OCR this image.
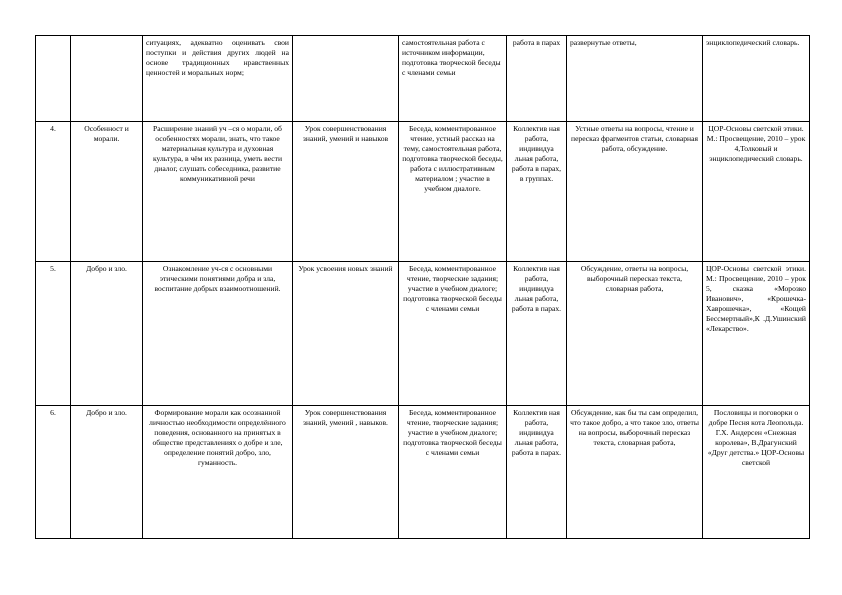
		ситуациях, адекватно оценивать свои поступки и действия других людей на основе традиционных нравственных ценностей и моральных норм;		самостоятельная работа с источником информации, подготовка творческой беседы с членами семьи	работа в парах	развернутые ответы,	энциклопедический словарь.
4.	Особенност и морали.	Расширение знаний уч –ся о морали, об особенностях морали, знать, что такое материальная культура и духовная культура, в чём их разница, уметь вести диалог, слушать собеседника, развитие коммуникативной речи	Урок совершенствования знаний, умений и навыков	Беседа, комментированное чтение, устный рассказ на тему, самостоятельная работа, подготовка творческой беседы, работа с иллюстративным материалом ; участие в учебном диалоге.	Коллектив ная работа, индивидуа льная работа, работа в парах, в группах.	Устные ответы на вопросы, чтение и пересказ фрагментов статьи, словарная работа, обсуждение.	ЦОР-Основы светской этики. М.: Просвещение, 2010 – урок 4,Толковый и энциклопедический словарь.
5.	Добро и зло.	Ознакомление уч-ся с основными этическими понятиями добра и зла, воспитание добрых взаимоотношений.	Урок усвоения новых знаний	Беседа, комментированное чтение, творческие задания; участие в учебном диалоге; подготовка творческой беседы с членами семьи	Коллектив ная работа, индивидуа льная работа, работа в парах.	Обсуждение, ответы на вопросы, выборочный пересказ текста, словарная работа,	ЦОР-Основы светской этики. М.: Просвещение, 2010 – урок 5, сказка «Морозко Иванович», «Крошечка-Хаврошечка», «Кощей Бессмертный»,К .Д.Ушинский «Лекарство».
6.	Добро и зло.	Формирование морали как осознанной личностью необходимости определённого поведения, основанного на принятых в обществе представлениях о добре и зле, определение понятий добро, зло, гуманность.	Урок совершенствования знаний, умений , навыков.	Беседа, комментированное чтение, творческие задания; участие в учебном диалоге; подготовка творческой беседы с членами семьи	Коллектив ная работа, индивидуа льная работа, работа в парах.	Обсуждение, как бы ты сам определил, что такое добро, а что такое зло, ответы на вопросы, выборочный пересказ текста, словарная работа,	Пословицы и поговорки о добре Песня кота Леопольда. Г.Х. Андерсен «Снежная королева», В.Драгунский «Друг детства.» ЦОР-Основы светской
